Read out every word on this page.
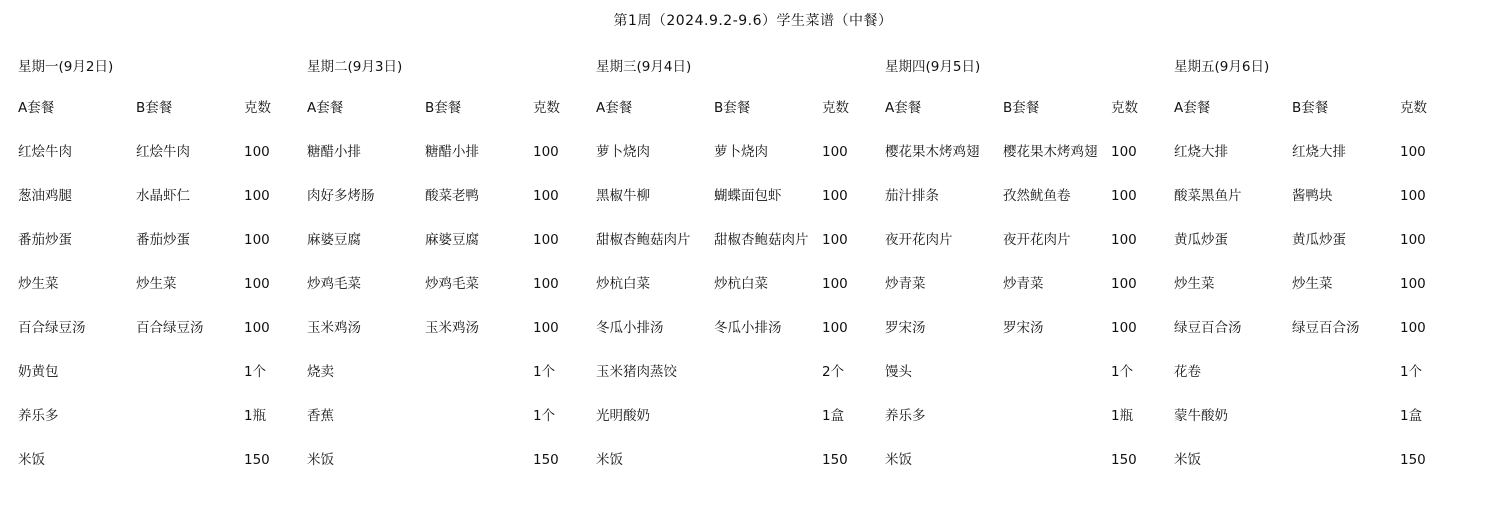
第1周（2024.9.2-9.6）学生菜谱（中餐）
星期一(9月2日)
A套餐
红烩牛肉
葱油鸡腿
番茄炒蛋
炒生菜
百合绿豆汤
奶黄包
养乐多
米饭
B套餐
红烩牛肉
水晶虾仁
番茄炒蛋
炒生菜
百合绿豆汤
克数
100
100
100
100
100
1个
1瓶
150
星期二(9月3日)
A套餐
糖醋小排
肉好多烤肠
麻婆豆腐
炒鸡毛菜
玉米鸡汤
烧卖
香蕉
米饭
B套餐
糖醋小排
酸菜老鸭
麻婆豆腐
炒鸡毛菜
玉米鸡汤
克数
100
100
100
100
100
1个
1个
150
星期三(9月4日)
A套餐
萝卜烧肉
黑椒牛柳
甜椒杏鲍菇肉片
炒杭白菜
冬瓜小排汤
玉米猪肉蒸饺
光明酸奶
米饭
B套餐
萝卜烧肉
蝴蝶面包虾
甜椒杏鲍菇肉片
炒杭白菜
冬瓜小排汤
克数
100
100
100
100
100
2个
1盒
150
星期四(9月5日)
A套餐
樱花果木烤鸡翅
茄汁排条
夜开花肉片
炒青菜
罗宋汤
馒头
养乐多
米饭
B套餐
樱花果木烤鸡翅
孜然鱿鱼卷
夜开花肉片
炒青菜
罗宋汤
克数
100
100
100
100
100
1个
1瓶
150
星期五(9月6日)
A套餐
红烧大排
酸菜黑鱼片
黄瓜炒蛋
炒生菜
绿豆百合汤
花卷
蒙牛酸奶
米饭
B套餐
红烧大排
酱鸭块
黄瓜炒蛋
炒生菜
绿豆百合汤
克数
100
100
100
100
100
1个
1盒
150
